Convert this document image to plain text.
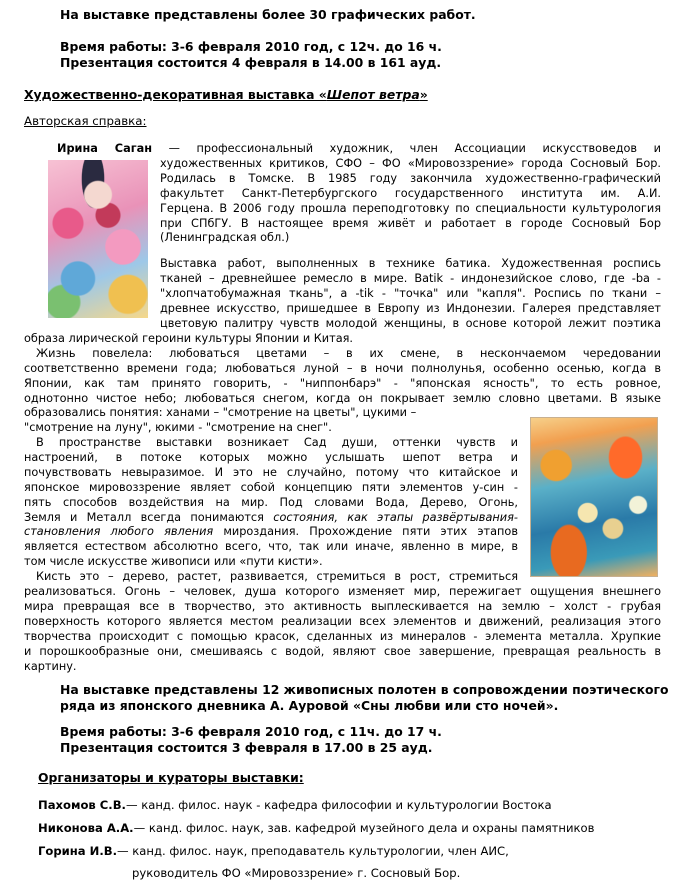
На выставке представлены более 30 графических работ.
Время работы: 3-6 февраля 2010 год, с 12ч. до 16 ч.
Презентация состоится 4 февраля в 14.00 в 161 ауд.
Художественно-декоративная выставка «Шепот ветра»
Авторская справка:
Ирина Саган — профессиональный художник, член Ассоциации искусствоведов и
художественных критиков, СФО – ФО «Мировоззрение» города Сосновый Бор.
Родилась в Томске. В 1985 году закончила художественно-графический
факультет Санкт-Петербургского государственного института им. А.И.
Герцена. В 2006 году прошла переподготовку по специальности культурология
при СПбГУ. В настоящее время живёт и работает в городе Сосновый Бор
(Ленинградская обл.)
Выставка работ, выполненных в технике батика. Художественная роспись
тканей – древнейшее ремесло в мире. Batik - индонезийское слово, где -ba -
"хлопчатобумажная ткань", а -tik - "точка" или "капля". Роспись по ткани –
древнее искусство, пришедшее в Европу из Индонезии. Галерея представляет
цветовую палитру чувств молодой женщины, в основе которой лежит поэтика
образа лирической героини культуры Японии и Китая.
Жизнь повелела: любоваться цветами – в их смене, в нескончаемом чередовании
соответственно времени года; любоваться луной – в ночи полнолунья, особенно осенью, когда в
Японии, как там принято говорить, - "ниппонбарэ" - "японская ясность", то есть ровное,
однотонно чистое небо; любоваться снегом, когда он покрывает землю словно цветами. В языке
образовались понятия: ханами – "смотрение на цветы", цукими –
"смотрение на луну", юкими - "смотрение на снег".
В пространстве выставки возникает Сад души, оттенки чувств и
настроений, в потоке которых можно услышать шепот ветра и
почувствовать невыразимое. И это не случайно, потому что китайское и
японское мировоззрение являет собой концепцию пяти элементов у-син -
пять способов воздействия на мир. Под словами Вода, Дерево, Огонь,
Земля и Металл всегда понимаются состояния, как этапы развёртывания-
становления любого явления мироздания. Прохождение пяти этих этапов
является естеством абсолютно всего, что, так или иначе, явленно в мире, в
том числе искусстве живописи или «пути кисти».
Кисть это – дерево, растет, развивается, стремиться в рост, стремиться
реализоваться. Огонь – человек, душа которого изменяет мир, пережигает ощущения внешнего
мира превращая все в творчество, это активность выплескивается на землю – холст - грубая
поверхность которого является местом реализации всех элементов и движений, реализация этого
творчества происходит с помощью красок, сделанных из минералов - элемента металла. Хрупкие
и порошкообразные они, смешиваясь с водой, являют свое завершение, превращая реальность в
картину.
На выставке представлены 12 живописных полотен в сопровождении поэтического
ряда из японского дневника А. Ауровой «Сны любви или сто ночей».
Время работы: 3-6 февраля 2010 год, с 11ч. до 17 ч.
Презентация состоится 3 февраля в 17.00 в 25 ауд.
Организаторы и кураторы выставки:
Пахомов С.В.— канд. филос. наук - кафедра философии и культурологии Востока
Никонова А.А.— канд. филос. наук, зав. кафедрой музейного дела и охраны памятников
Горина И.В.— канд. филос. наук, преподаватель культурологии, член АИС,
руководитель ФО «Мировоззрение» г. Сосновый Бор.
